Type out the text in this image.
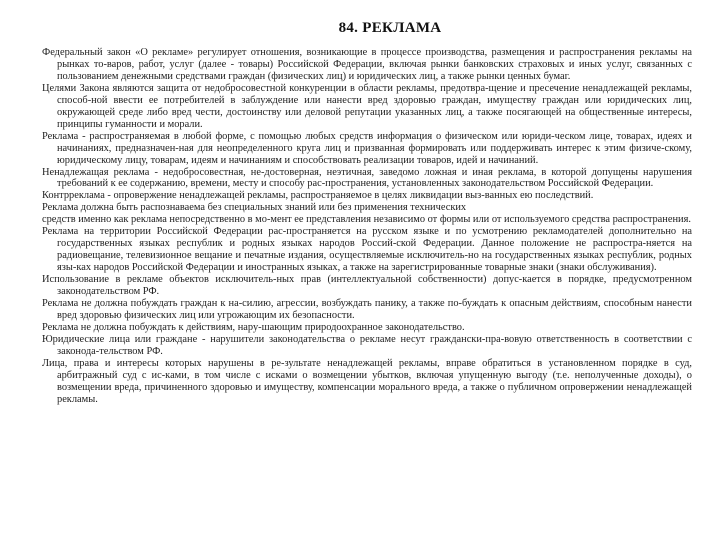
84. РЕКЛАМА

Федеральный закон «О рекламе» регулирует отношения, возникающие в процессе производства, размещения и распространения рекламы на рынках то-варов, работ, услуг (далее - товары) Российской Федерации, включая рынки банковских страховых и иных услуг, связанных с пользованием денежными средствами граждан (физических лиц) и юридических лиц, а также рынки ценных бумаг.

Целями Закона являются защита от недобросовестной конкуренции в области рекламы, предотвра-щение и пресечение ненадлежащей рекламы, способ-ной ввести ее потребителей в заблуждение или нанести вред здоровью граждан, имуществу граждан или юридических лиц, окружающей среде либо вред чести, достоинству или деловой репутации указанных лиц, а также посягающей на общественные интересы, принципы гуманности и морали.

Реклама - распространяемая в любой форме, с помощью любых средств информация о физическом или юриди-ческом лице, товарах, идеях и начинаниях, предназначен-ная для неопределенного круга лиц и призванная формировать или поддерживать интерес к этим физиче-скому, юридическому лицу, товарам, идеям и начинаниям и способствовать реализации товаров, идей и начинаний.

Ненадлежащая реклама - недобросовестная, не-достоверная, неэтичная, заведомо ложная и иная реклама, в которой допущены нарушения требований к ее содержанию, времени, месту и способу рас-пространения, установленных законодательством Российской Федерации.

Контрреклама - опровержение ненадлежащей рекламы, распространяемое в целях ликвидации выз-ванных ею последствий.

Реклама должна быть распознаваема без специальных знаний или без применения технических

средств именно как реклама непосредственно в мо-мент ее представления независимо от формы или от используемого средства распространения.

Реклама на территории Российской Федерации рас-пространяется на русском языке и по усмотрению рекламодателей дополнительно на государственных языках республик и родных языках народов Россий-ской Федерации. Данное положение не распростра-няется на радиовещание, телевизионное вещание и печатные издания, осуществляемые исключитель-но на государственных языках республик, родных язы-ках народов Российской Федерации и иностранных языках, а также на зарегистрированные товарные знаки (знаки обслуживания).

Использование в рекламе объектов исключитель-ных прав (интеллектуальной собственности) допус-кается в порядке, предусмотренном законодательством РФ.

Реклама не должна побуждать граждан к на-силию, агрессии, возбуждать панику, а также по-буждать к опасным действиям, способным нанести вред здоровью физических лиц или угрожающим их безопасности.

Реклама не должна побуждать к действиям, нару-шающим природоохранное законодательство.

Юридические лица или граждане - нарушители законодательства о рекламе несут граждански-пра-вовую ответственность в соответствии с законода-тельством РФ.

Лица, права и интересы которых нарушены в ре-зультате ненадлежащей рекламы, вправе обратиться в установленном порядке в суд, арбитражный суд с ис-ками, в том числе с исками о возмещении убытков, включая упущенную выгоду (т.е. неполученные доходы), о возмещении вреда, причиненного здоровью и имуществу, компенсации морального вреда, а также о публичном опровержении ненадлежащей рекламы.
